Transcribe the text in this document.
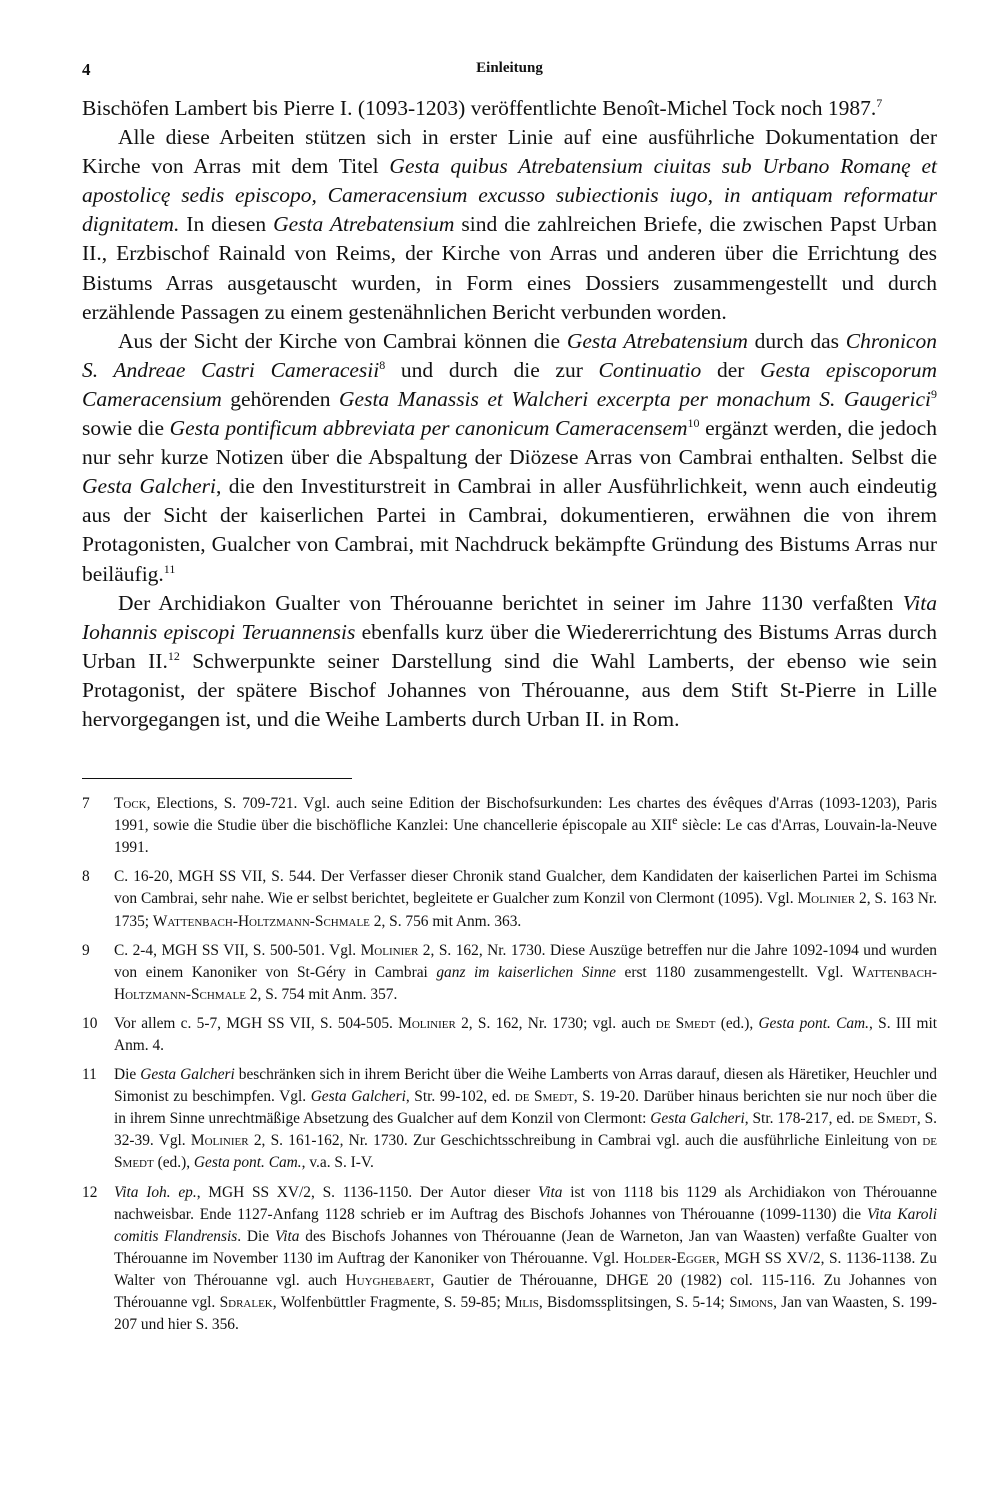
4	Einleitung

Bischöfen Lambert bis Pierre I. (1093-1203) veröffentlichte Benoît-Michel Tock noch 1987.$^7$

Alle diese Arbeiten stützen sich in erster Linie auf eine ausführliche Dokumentation der Kirche von Arras mit dem Titel Gesta quibus Atrebatensium ciuitas sub Urbano Romanę et apostolicę sedis episcopo, Cameracensium excusso subiectionis iugo, in antiquam reformatur dignitatem. In diesen Gesta Atrebatensium sind die zahlreichen Briefe, die zwischen Papst Urban II., Erzbischof Rainald von Reims, der Kirche von Arras und anderen über die Errichtung des Bistums Arras ausgetauscht wurden, in Form eines Dossiers zusammengestellt und durch erzählende Passagen zu einem gestenähnlichen Bericht verbunden worden.

Aus der Sicht der Kirche von Cambrai können die Gesta Atrebatensium durch das Chronicon S. Andreae Castri Cameracesii$^8$ und durch die zur Continuatio der Gesta episcoporum Cameracensium gehörenden Gesta Manassis et Walcheri excerpta per monachum S. Gaugerici$^9$ sowie die Gesta pontificum abbreviata per canonicum Cameracensem$^{10}$ ergänzt werden, die jedoch nur sehr kurze Notizen über die Abspaltung der Diözese Arras von Cambrai enthalten. Selbst die Gesta Galcheri, die den Investiturstreit in Cambrai in aller Ausführlichkeit, wenn auch eindeutig aus der Sicht der kaiserlichen Partei in Cambrai, dokumentieren, erwähnen die von ihrem Protagonisten, Gualcher von Cambrai, mit Nachdruck bekämpfte Gründung des Bistums Arras nur beiläufig.$^{11}$

Der Archidiakon Gualter von Thérouanne berichtet in seiner im Jahre 1130 verfaßten Vita Iohannis episcopi Teruannensis ebenfalls kurz über die Wiedererrichtung des Bistums Arras durch Urban II.$^{12}$ Schwerpunkte seiner Darstellung sind die Wahl Lamberts, der ebenso wie sein Protagonist, der spätere Bischof Johannes von Thérouanne, aus dem Stift St-Pierre in Lille hervorgegangen ist, und die Weihe Lamberts durch Urban II. in Rom.

7 Tock, Elections, S. 709-721. Vgl. auch seine Edition der Bischofsurkunden: Les chartes des évêques d'Arras (1093-1203), Paris 1991, sowie die Studie über die bischöfliche Kanzlei: Une chancellerie épiscopale au XIIe siècle: Le cas d'Arras, Louvain-la-Neuve 1991.
8 C. 16-20, MGH SS VII, S. 544. Der Verfasser dieser Chronik stand Gualcher, dem Kandidaten der kaiserlichen Partei im Schisma von Cambrai, sehr nahe. Wie er selbst berichtet, begleitete er Gualcher zum Konzil von Clermont (1095). Vgl. Molinier 2, S. 163 Nr. 1735; Wattenbach-Holtzmann-Schmale 2, S. 756 mit Anm. 363.
9 C. 2-4, MGH SS VII, S. 500-501. Vgl. Molinier 2, S. 162, Nr. 1730. Diese Auszüge betreffen nur die Jahre 1092-1094 und wurden von einem Kanoniker von St-Géry in Cambrai ganz im kaiserlichen Sinne erst 1180 zusammengestellt. Vgl. Wattenbach-Holtzmann-Schmale 2, S. 754 mit Anm. 357.
10 Vor allem c. 5-7, MGH SS VII, S. 504-505. Molinier 2, S. 162, Nr. 1730; vgl. auch de Smedt (ed.), Gesta pont. Cam., S. III mit Anm. 4.
11 Die Gesta Galcheri beschränken sich in ihrem Bericht über die Weihe Lamberts von Arras darauf, diesen als Häretiker, Heuchler und Simonist zu beschimpfen. Vgl. Gesta Galcheri, Str. 99-102, ed. de Smedt, S. 19-20. Darüber hinaus berichten sie nur noch über die in ihrem Sinne unrechtmäßige Absetzung des Gualcher auf dem Konzil von Clermont: Gesta Galcheri, Str. 178-217, ed. de Smedt, S. 32-39. Vgl. Molinier 2, S. 161-162, Nr. 1730. Zur Geschichtsschreibung in Cambrai vgl. auch die ausführliche Einleitung von de Smedt (ed.), Gesta pont. Cam., v.a. S. I-V.
12 Vita Ioh. ep., MGH SS XV/2, S. 1136-1150. Der Autor dieser Vita ist von 1118 bis 1129 als Archidiakon von Thérouanne nachweisbar. Ende 1127-Anfang 1128 schrieb er im Auftrag des Bischofs Johannes von Thérouanne (1099-1130) die Vita Karoli comitis Flandrensis. Die Vita des Bischofs Johannes von Thérouanne (Jean de Warneton, Jan van Waasten) verfaßte Gualter von Thérouanne im November 1130 im Auftrag der Kanoniker von Thérouanne. Vgl. Holder-Egger, MGH SS XV/2, S. 1136-1138. Zu Walter von Thérouanne vgl. auch Huyghebaert, Gautier de Thérouanne, DHGE 20 (1982) col. 115-116. Zu Johannes von Thérouanne vgl. Sdralek, Wolfenbüttler Fragmente, S. 59-85; Milis, Bisdomssplitsingen, S. 5-14; Simons, Jan van Waasten, S. 199-207 und hier S. 356.
